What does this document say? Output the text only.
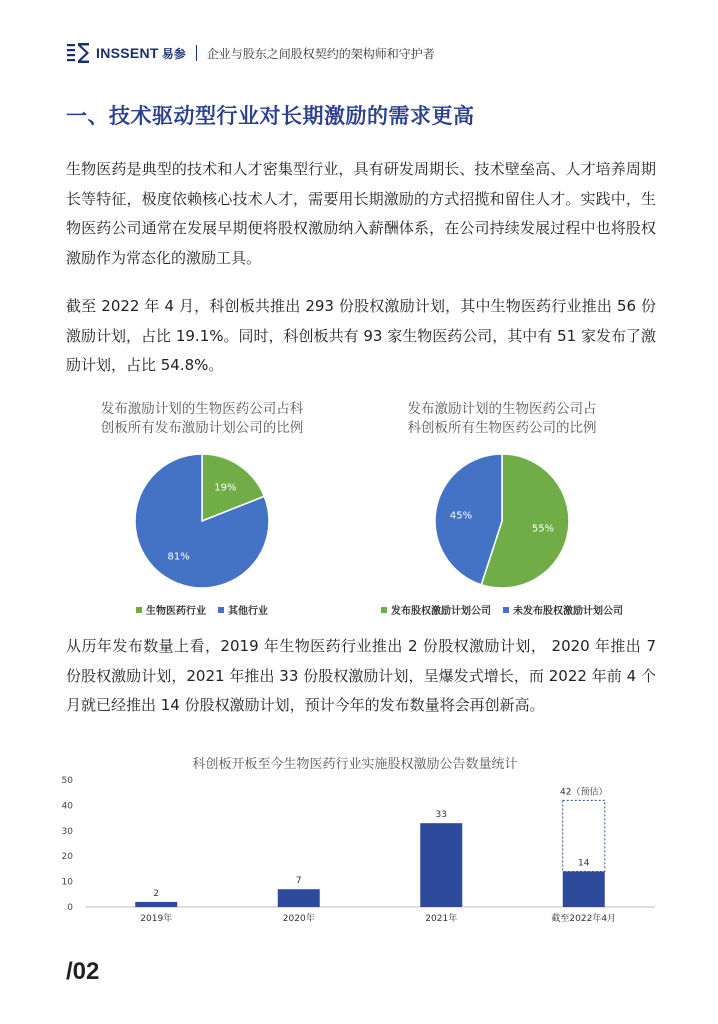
INSSENT 易参 企业与股东之间股权契约的架构师和守护者
一、技术驱动型行业对长期激励的需求更高

生物医药是典型的技术和人才密集型行业，具有研发周期长、技术壁垒高、人才培养周期长等特征，极度依赖核心技术人才，需要用长期激励的方式招揽和留住人才。实践中，生物医药公司通常在发展早期便将股权激励纳入薪酬体系，在公司持续发展过程中也将股权激励作为常态化的激励工具。

截至 2022 年 4 月，科创板共推出 293 份股权激励计划，其中生物医药行业推出 56 份激励计划，占比 19.1%。同时，科创板共有 93 家生物医药公司，其中有 51 家发布了激励计划，占比 54.8%。

发布激励计划的生物医药公司占科
创板所有发布激励计划公司的比例

19%
81%
生物医药行业 其他行业

发布激励计划的生物医药公司占
科创板所有生物医药公司的比例

55%
45%
发布股权激励计划公司 未发布股权激励计划公司

从历年发布数量上看，2019 年生物医药行业推出 2 份股权激励计划， 2020 年推出 7 份股权激励计划，2021 年推出 33 份股权激励计划，呈爆发式增长，而 2022 年前 4 个月就已经推出 14 份股权激励计划，预计今年的发布数量将会再创新高。

科创板开板至今生物医药行业实施股权激励公告数量统计
0
10
20
30
40
50
2
2019年
7
2020年
33
2021年
42（预估）
14
截至2022年4月
/02
